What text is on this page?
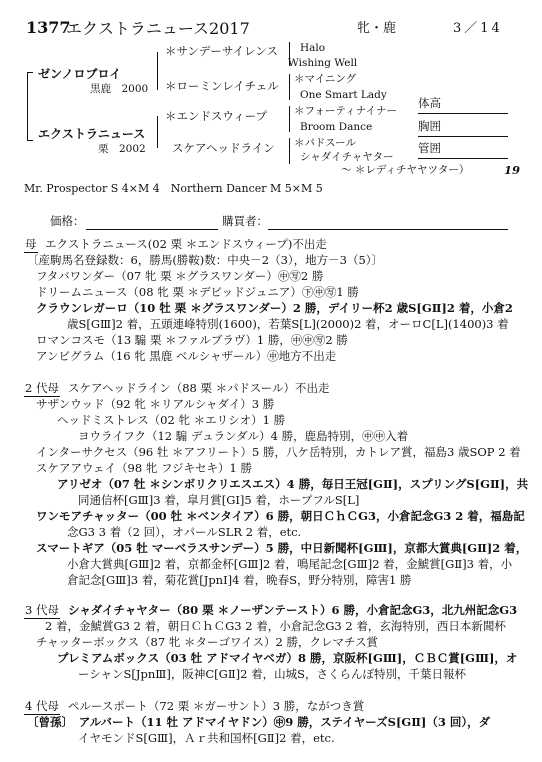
1377
エクストラニュース2017	牝・鹿	3／14
ゼンノロブロイ
黒鹿　2000
エクストラニュース
栗　2002
＊サンデーサイレンス
＊ローミンレイチェル
＊エンドスウィープ
スケアヘッドライン
Halo
Wishing Well
＊マイニング
One Smart Lady
＊フォーティナイナー
Broom Dance
＊パドスール
シャダイチャヤター
〜 ＊レディチヤヤツター）	19
体高
胸囲
管囲
Mr. Prospector S 4×M 4　Northern Dancer M 5×M 5
価格：	購買者：
母 エクストラニュース(02 栗 ＊エンドスウィープ)不出走
〔産駒馬名登録数：6，勝馬(勝鞍)数：中央－2（3），地方－3（5）〕
フタバワンダー（07 牝 栗 ＊グラスワンダー）㊥㊢2 勝
ドリームニュース（08 牝 栗 ＊デビッドジュニア）㊦㊥㊢1 勝
クラウンレガーロ（10 牡 栗 ＊グラスワンダー）2 勝，デイリー杯2 歳S[GⅡ]2 着，小倉2
歳S[GⅢ]2 着，五頭連峰特別(1600)，若葉S[L](2000)2 着，オーロC[L](1400)3 着
ロマンコスモ（13 騸 栗 ＊ファルブラヴ）1 勝，㊥㊥㊢2 勝
アンビグラム（16 牝 黒鹿 ベルシャザール）㊥地方不出走
2 代母 スケアヘッドライン（88 栗 ＊パドスール）不出走
サザンウッド（92 牝 ＊リアルシャダイ）3 勝
ヘッドミストレス（02 牝 ＊エリシオ）1 勝
ヨウライフク（12 騸 デュランダル）4 勝，鹿島特別，㊥㊥入着
インターサクセス（96 牡 ＊アフリート）5 勝，八ケ岳特別，カトレア賞，福島3 歳SOP 2 着
スケアアウェイ（98 牝 フジキセキ）1 勝
アリゼオ（07 牡 ＊シンボリクリエスエス）4 勝，毎日王冠[GⅡ]，スプリングS[GⅡ]，共
同通信杯[GⅢ]3 着，皐月賞[GⅠ]5 着，ホープフルS[L]
ワンモアチャッター（00 牡 ＊ベンタイア）6 勝，朝日ＣｈＣG3，小倉記念G3 2 着，福島記
念G3 3 着（2 回），オパールSLR 2 着，etc.
スマートギア（05 牡 マーベラスサンデー）5 勝，中日新聞杯[GⅢ]，京都大賞典[GⅡ]2 着，
小倉大賞典[GⅢ]2 着，京都金杯[GⅢ]2 着，鳴尾記念[GⅢ]2 着，金鯱賞[GⅡ]3 着，小
倉記念[GⅢ]3 着，菊花賞[JpnⅠ]4 着，晩春S，野分特別，障害1 勝
3 代母 シャダイチャヤター（80 栗 ＊ノーザンテースト）6 勝，小倉記念G3，北九州記念G3
2 着，金鯱賞G3 2 着，朝日ＣｈＣG3 2 着，小倉記念G3 2 着，玄海特別，西日本新聞杯
チャッターボックス（87 牝 ＊ターゴワイス）2 勝，クレマチス賞
プレミアムボックス（03 牡 アドマイヤベガ）8 勝，京阪杯[GⅢ]，ＣＢＣ賞[GⅢ]，オ
ーシャンS[JpnⅢ]，阪神C[GⅡ]2 着，山城S，さくらんぼ特別，千葉日報杯
4 代母 ペルースポート（72 栗 ＊ガーサント）3 勝，ながつき賞
〔曾孫〕　アルバート（11 牡 アドマイヤドン）㊥9 勝，ステイヤーズS[GⅡ]（3 回），ダ
イヤモンドS[GⅢ]，Ａｒ共和国杯[GⅡ]2 着，etc.
